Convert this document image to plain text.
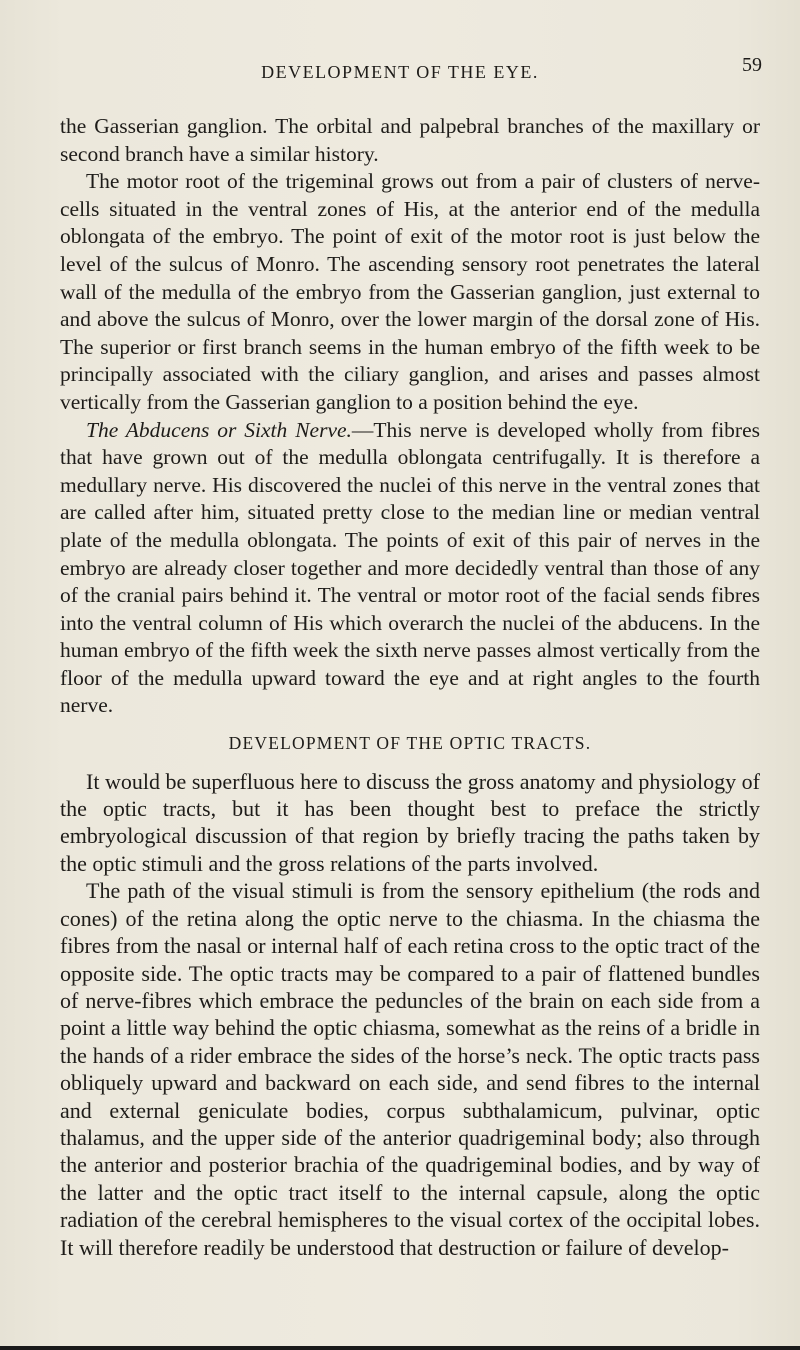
DEVELOPMENT OF THE EYE.	59

the Gasserian ganglion. The orbital and palpebral branches of the maxillary or second branch have a similar history.

The motor root of the trigeminal grows out from a pair of clusters of nerve-cells situated in the ventral zones of His, at the anterior end of the medulla oblongata of the embryo. The point of exit of the motor root is just below the level of the sulcus of Monro. The ascending sensory root penetrates the lateral wall of the medulla of the embryo from the Gasserian ganglion, just external to and above the sulcus of Monro, over the lower margin of the dorsal zone of His. The superior or first branch seems in the human embryo of the fifth week to be principally associated with the ciliary ganglion, and arises and passes almost vertically from the Gasserian ganglion to a position behind the eye.

The Abducens or Sixth Nerve.—This nerve is developed wholly from fibres that have grown out of the medulla oblongata centrifugally. It is therefore a medullary nerve. His discovered the nuclei of this nerve in the ventral zones that are called after him, situated pretty close to the median line or median ventral plate of the medulla oblongata. The points of exit of this pair of nerves in the embryo are already closer together and more decidedly ventral than those of any of the cranial pairs behind it. The ventral or motor root of the facial sends fibres into the ventral column of His which overarch the nuclei of the abducens. In the human embryo of the fifth week the sixth nerve passes almost vertically from the floor of the medulla upward toward the eye and at right angles to the fourth nerve.

DEVELOPMENT OF THE OPTIC TRACTS.

It would be superfluous here to discuss the gross anatomy and physiology of the optic tracts, but it has been thought best to preface the strictly embryological discussion of that region by briefly tracing the paths taken by the optic stimuli and the gross relations of the parts involved.

The path of the visual stimuli is from the sensory epithelium (the rods and cones) of the retina along the optic nerve to the chiasma. In the chiasma the fibres from the nasal or internal half of each retina cross to the optic tract of the opposite side. The optic tracts may be compared to a pair of flattened bundles of nerve-fibres which embrace the peduncles of the brain on each side from a point a little way behind the optic chiasma, somewhat as the reins of a bridle in the hands of a rider embrace the sides of the horse’s neck. The optic tracts pass obliquely upward and backward on each side, and send fibres to the internal and external geniculate bodies, corpus subthalamicum, pulvinar, optic thalamus, and the upper side of the anterior quadrigeminal body; also through the anterior and posterior brachia of the quadrigeminal bodies, and by way of the latter and the optic tract itself to the internal capsule, along the optic radiation of the cerebral hemispheres to the visual cortex of the occipital lobes. It will therefore readily be understood that destruction or failure of develop-
